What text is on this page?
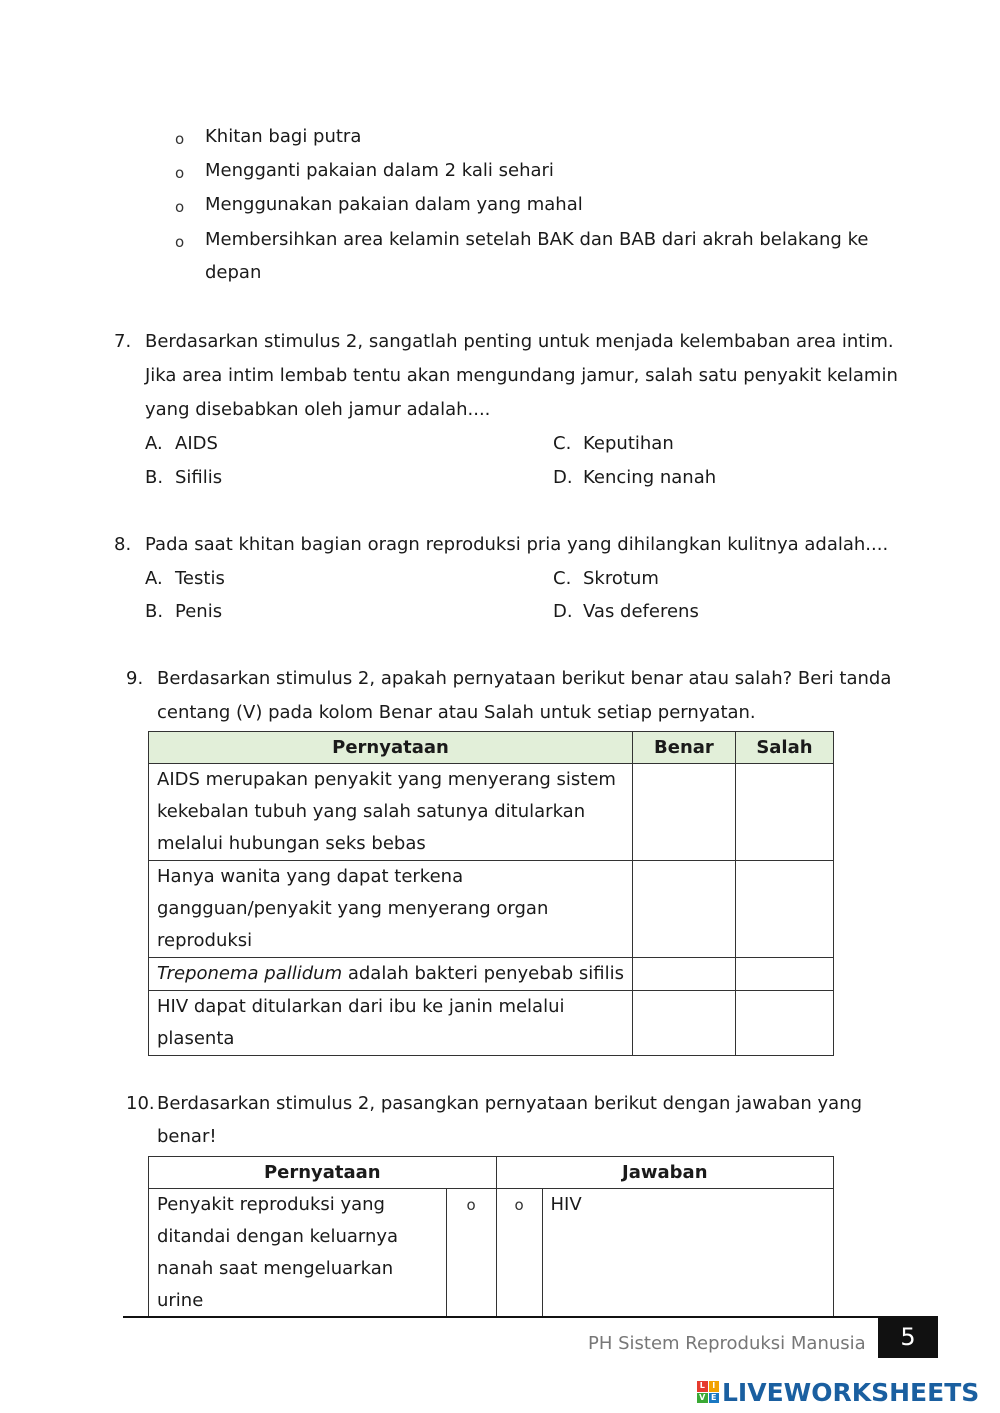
o Khitan bagi putra
o Mengganti pakaian dalam 2 kali sehari
o Menggunakan pakaian dalam yang mahal
o Membersihkan area kelamin setelah BAK dan BAB dari akrah belakang ke
depan
7. Berdasarkan stimulus 2, sangatlah penting untuk menjada kelembaban area intim.
Jika area intim lembab tentu akan mengundang jamur, salah satu penyakit kelamin
yang disebabkan oleh jamur adalah....
A. AIDS
B. Sifilis
C. Keputihan
D. Kencing nanah
8. Pada saat khitan bagian oragn reproduksi pria yang dihilangkan kulitnya adalah....
A. Testis
B. Penis
C. Skrotum
D. Vas deferens
9. Berdasarkan stimulus 2, apakah pernyataan berikut benar atau salah? Beri tanda
centang (V) pada kolom Benar atau Salah untuk setiap pernyatan.
Pernyataan	Benar	Salah

AIDS merupakan penyakit yang menyerang sistem
kekebalan tubuh yang salah satunya ditularkan
melalui hubungan seks bebas		

Hanya wanita yang dapat terkena
gangguan/penyakit yang menyerang organ
reproduksi		

Treponema pallidum adalah bakteri penyebab sifilis		

HIV dapat ditularkan dari ibu ke janin melalui
plasenta		

10. Berdasarkan stimulus 2, pasangkan pernyataan berikut dengan jawaban yang
benar!
Pernyataan		Jawaban	

Penyakit reproduksi yang
ditandai dengan keluarnya
nanah saat mengeluarkan urine	o	o	HIV
PH Sistem Reproduksi Manusia	5
L I
V E LIVEWORKSHEETS
